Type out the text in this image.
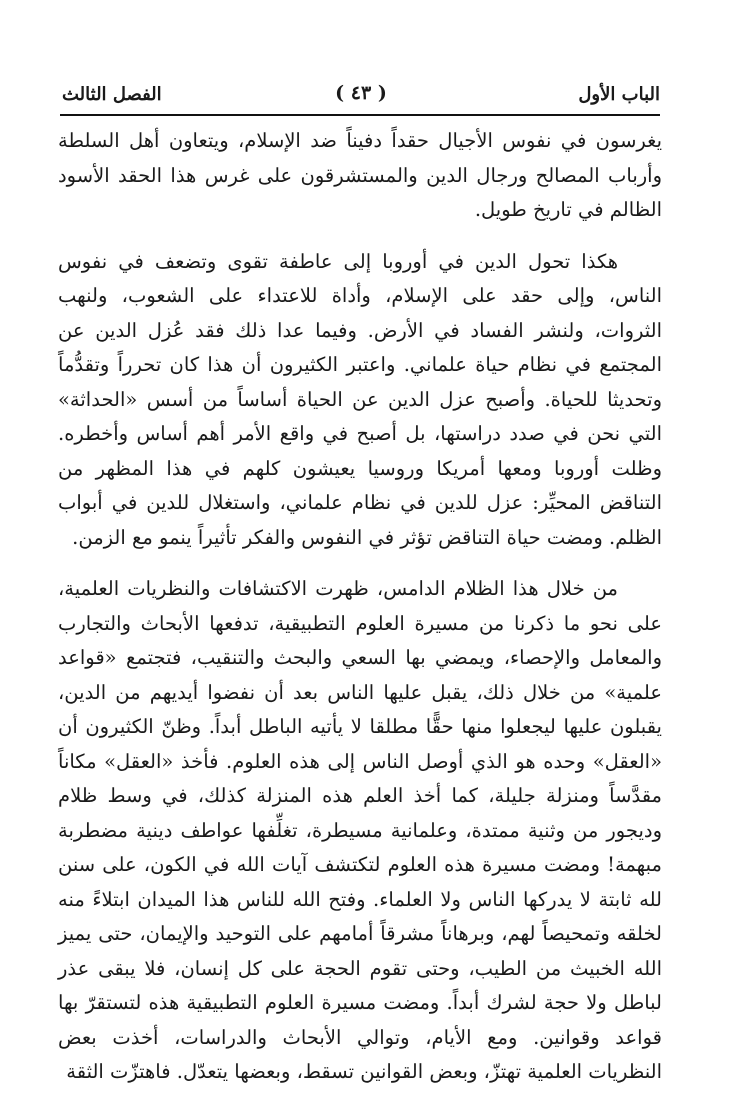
الباب الأول
( ٤٣ )
الفصل الثالث

يغرسون في نفوس الأجيال حقداً دفيناً ضد الإسلام، ويتعاون أهل السلطة وأرباب المصالح ورجال الدين والمستشرقون على غرس هذا الحقد الأسود الظالم في تاريخ طويل.

هكذا تحول الدين في أوروبا إلى عاطفة تقوى وتضعف في نفوس الناس، وإلى حقد على الإسلام، وأداة للاعتداء على الشعوب، ولنهب الثروات، ولنشر الفساد في الأرض. وفيما عدا ذلك فقد عُزل الدين عن المجتمع في نظام حياة علماني. واعتبر الكثيرون أن هذا كان تحرراً وتقدُّماً وتحديثا للحياة. وأصبح عزل الدين عن الحياة أساساً من أسس «الحداثة» التي نحن في صدد دراستها، بل أصبح في واقع الأمر أهم أساس وأخطره. وظلت أوروبا ومعها أمريكا وروسيا يعيشون كلهم في هذا المظهر من التناقض المحيِّر: عزل للدين في نظام علماني، واستغلال للدين في أبواب الظلم. ومضت حياة التناقض تؤثر في النفوس والفكر تأثيراً ينمو مع الزمن.

من خلال هذا الظلام الدامس، ظهرت الاكتشافات والنظريات العلمية، على نحو ما ذكرنا من مسيرة العلوم التطبيقية، تدفعها الأبحاث والتجارب والمعامل والإحصاء، ويمضي بها السعي والبحث والتنقيب، فتجتمع «قواعد علمية» من خلال ذلك، يقبل عليها الناس بعد أن نفضوا أيديهم من الدين، يقبلون عليها ليجعلوا منها حقًّا مطلقا لا يأتيه الباطل أبداً. وظنّ الكثيرون أن «العقل» وحده هو الذي أوصل الناس إلى هذه العلوم. فأخذ «العقل» مكاناً مقدَّساً ومنزلة جليلة، كما أخذ العلم هذه المنزلة كذلك، في وسط ظلام وديجور من وثنية ممتدة، وعلمانية مسيطرة، تغلِّفها عواطف دينية مضطربة مبهمة! ومضت مسيرة هذه العلوم لتكتشف آيات الله في الكون، على سنن لله ثابتة لا يدركها الناس ولا العلماء. وفتح الله للناس هذا الميدان ابتلاءً منه لخلقه وتمحيصاً لهم، وبرهاناً مشرقاً أمامهم على التوحيد والإيمان، حتى يميز الله الخبيث من الطيب، وحتى تقوم الحجة على كل إنسان، فلا يبقى عذر لباطل ولا حجة لشرك أبداً. ومضت مسيرة العلوم التطبيقية هذه لتستقرّ بها قواعد وقوانين. ومع الأيام، وتوالي الأبحاث والدراسات، أخذت بعض النظريات العلمية تهتزّ، وبعض القوانين تسقط، وبعضها يتعدّل. فاهتزّت الثقة
